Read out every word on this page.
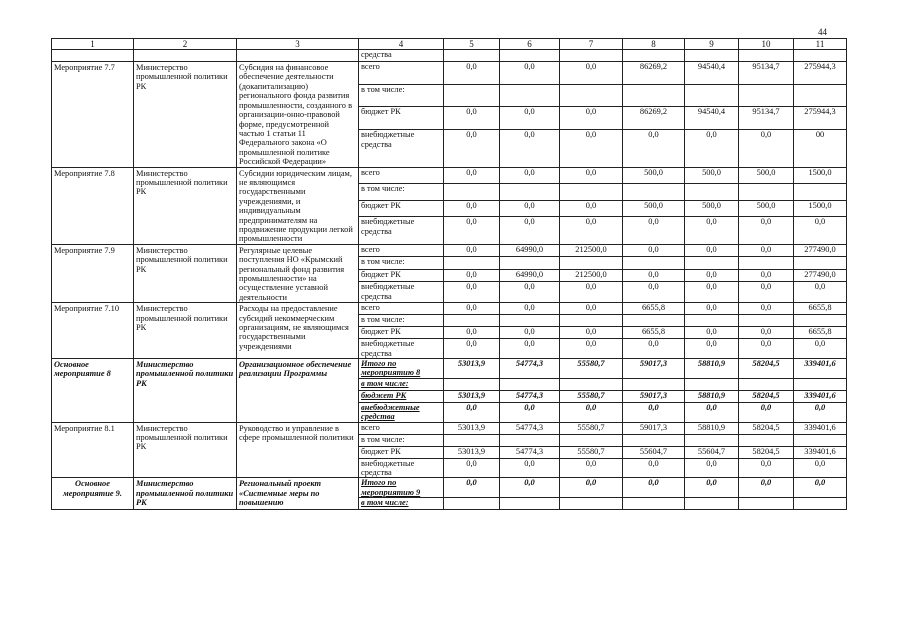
44
1	2	3	4	5	6	7	8	9	10	11
			средства							
Мероприятие 7.7	Министерство промышленной политики РК	Субсидия на финансовое обеспечение деятельности (докапитализацию) регионального фонда развития промышленности, созданного в организации-онно-правовой форме, предусмотренной частью 1 статьи 11 Федерального закона «О промышленной политике Российской Федерации»	всего	0,0	0,0	0,0	86269,2	94540,4	95134,7	275944,3
			в том числе:							
			бюджет РК	0,0	0,0	0,0	86269,2	94540,4	95134,7	275944,3
			внебюджетные средства	0,0	0,0	0,0	0,0	0,0	0,0	00
Мероприятие 7.8	Министерство промышленной политики РК	Субсидии юридическим лицам, не являющимся государственными учреждениями, и индивидуальным предпринимателям на продвижение продукции легкой промышленности	всего	0,0	0,0	0,0	500,0	500,0	500,0	1500,0
			в том числе:							
			бюджет РК	0,0	0,0	0,0	500,0	500,0	500,0	1500,0
			внебюджетные средства	0,0	0,0	0,0	0,0	0,0	0,0	0,0
Мероприятие 7.9	Министерство промышленной политики РК	Регулярные целевые поступления НО «Крымский региональный фонд развития промышленности» на осуществление уставной деятельности	всего	0,0	64990,0	212500,0	0,0	0,0	0,0	277490,0
			в том числе:							
			бюджет РК	0,0	64990,0	212500,0	0,0	0,0	0,0	277490,0
			внебюджетные средства	0,0	0,0	0,0	0,0	0,0	0,0	0,0
Мероприятие 7.10	Министерство промышленной политики РК	Расходы на предоставление субсидий некоммерческим организациям, не являющимся государственными учреждениями	всего	0,0	0,0	0,0	6655,8	0,0	0,0	6655,8
			в том числе:							
			бюджет РК	0,0	0,0	0,0	6655,8	0,0	0,0	6655,8
			внебюджетные средства	0,0	0,0	0,0	0,0	0,0	0,0	0,0
Основное мероприятие 8	Министерство промышленной политики РК	Организационное обеспечение реализации Программы	Итого по мероприятию 8	53013,9	54774,3	55580,7	59017,3	58810,9	58204,5	339401,6
			в том числе:							
			бюджет РК	53013,9	54774,3	55580,7	59017,3	58810,9	58204,5	339401,6
			внебюджетные средства	0,0	0,0	0,0	0,0	0,0	0,0	0,0
Мероприятие 8.1	Министерство промышленной политики РК	Руководство и управление в сфере промышленной политики	всего	53013,9	54774,3	55580,7	59017,3	58810,9	58204,5	339401,6
			в том числе:							
			бюджет РК	53013,9	54774,3	55580,7	55604,7	55604,7	58204,5	339401,6
			внебюджетные средства	0,0	0,0	0,0	0,0	0,0	0,0	0,0
Основное мероприятие 9.	Министерство промышленной политики РК	Региональный проект «Системные меры по повышению	Итого по мероприятию 9	0,0	0,0	0,0	0,0	0,0	0,0	0,0
			в том числе:							
